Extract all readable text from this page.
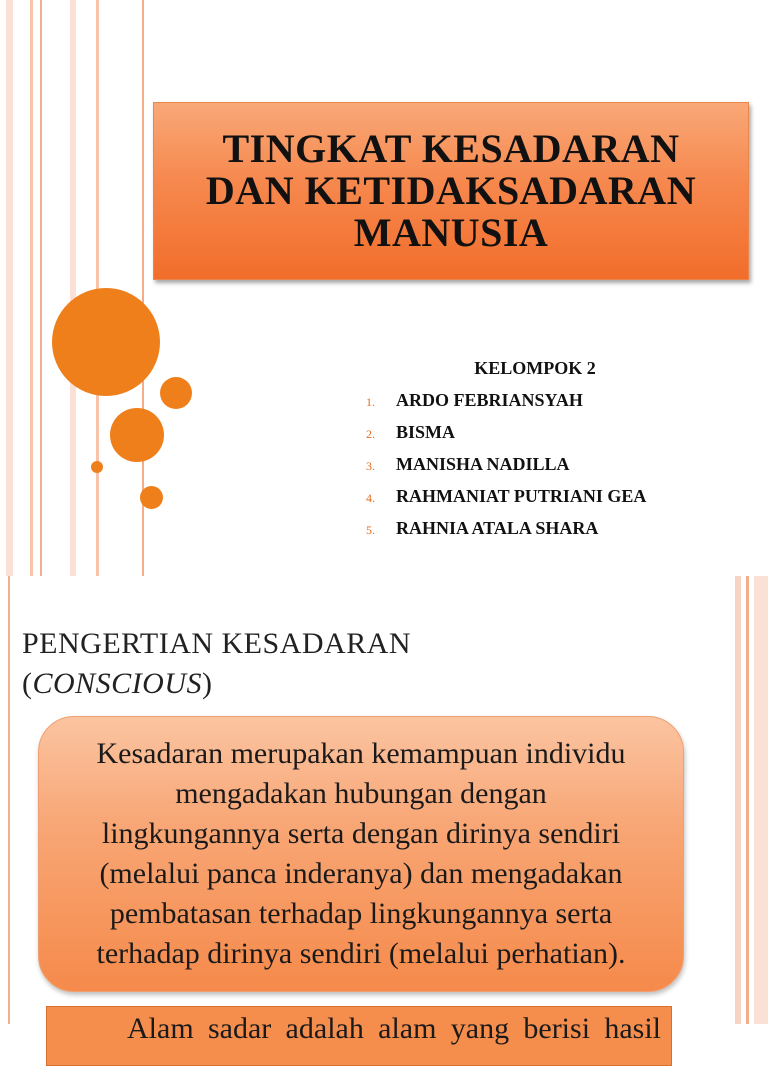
TINGKAT KESADARAN
DAN KETIDAKSADARAN
MANUSIA
KELOMPOK 2
1.	ARDO FEBRIANSYAH
2.	BISMA
3.	MANISHA NADILLA
4.	RAHMANIAT PUTRIANI GEA
5.	RAHNIA ATALA SHARA
PENGERTIAN KESADARAN
(CONSCIOUS)
Kesadaran merupakan kemampuan individu
mengadakan hubungan dengan
lingkungannya serta dengan dirinya sendiri
(melalui panca inderanya) dan mengadakan
pembatasan terhadap lingkungannya serta
terhadap dirinya sendiri (melalui perhatian).
Alam sadar adalah alam yang berisi hasil
